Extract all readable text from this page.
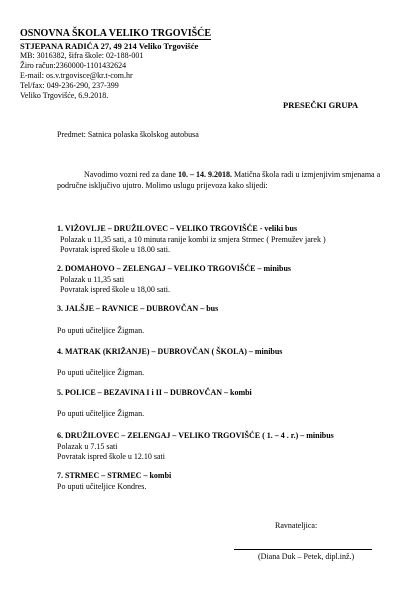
OSNOVNA ŠKOLA VELIKO TRGOVIŠĆE
STJEPANA RADIĆA 27, 49 214 Veliko Trgovišće
MB: 3016382, šifra škole: 02-188-001
Žiro račun:2360000-1101432624
E-mail: os.v.trgovisce@kr.t-com.hr
Tel/fax: 049-236-290, 237-399
Veliko Trgovišće, 6.9.2018.
PRESEČKI GRUPA
Predmet: Satnica polaska školskog autobusa
Navodimo vozni red za dane 10. – 14. 9.2018. Matična škola radi u izmjenjivim smjenama a
područne isključivo ujutro. Molimo uslugu prijevoza kako slijedi:
1. VIŽOVLJE – DRUŽILOVEC – VELIKO TRGOVIŠĆE - veliki bus
Polazak u 11,35 sati, a 10 minuta ranije kombi iz smjera Strmec ( Premužev jarek )
Povratak ispred škole u 18.00 sati.
2. DOMAHOVO – ZELENGAJ – VELIKO TRGOVIŠĆE – minibus
Polazak u 11,35 sati
Povratak ispred škole u 18,00 sati.
3. JALŠJE – RAVNICE – DUBROVČAN – bus
Po uputi učiteljice Žigman.
4. MATRAK (KRIŽANJE) – DUBROVČAN ( ŠKOLA) – minibus
Po uputi učiteljice Žigman.
5. POLICE – BEZAVINA I i II – DUBROVČAN – kombi
Po uputi učiteljice Žigman.
6. DRUŽILOVEC – ZELENGAJ – VELIKO TRGOVIŠĆE ( 1. – 4 . r.) – minibus
Polazak u 7.15 sati
Povratak ispred škole u 12.10 sati
7. STRMEC – STRMEC – kombi
Po uputi učiteljice Kondres.
Ravnateljica:
(Diana Duk – Petek, dipl.inž.)
